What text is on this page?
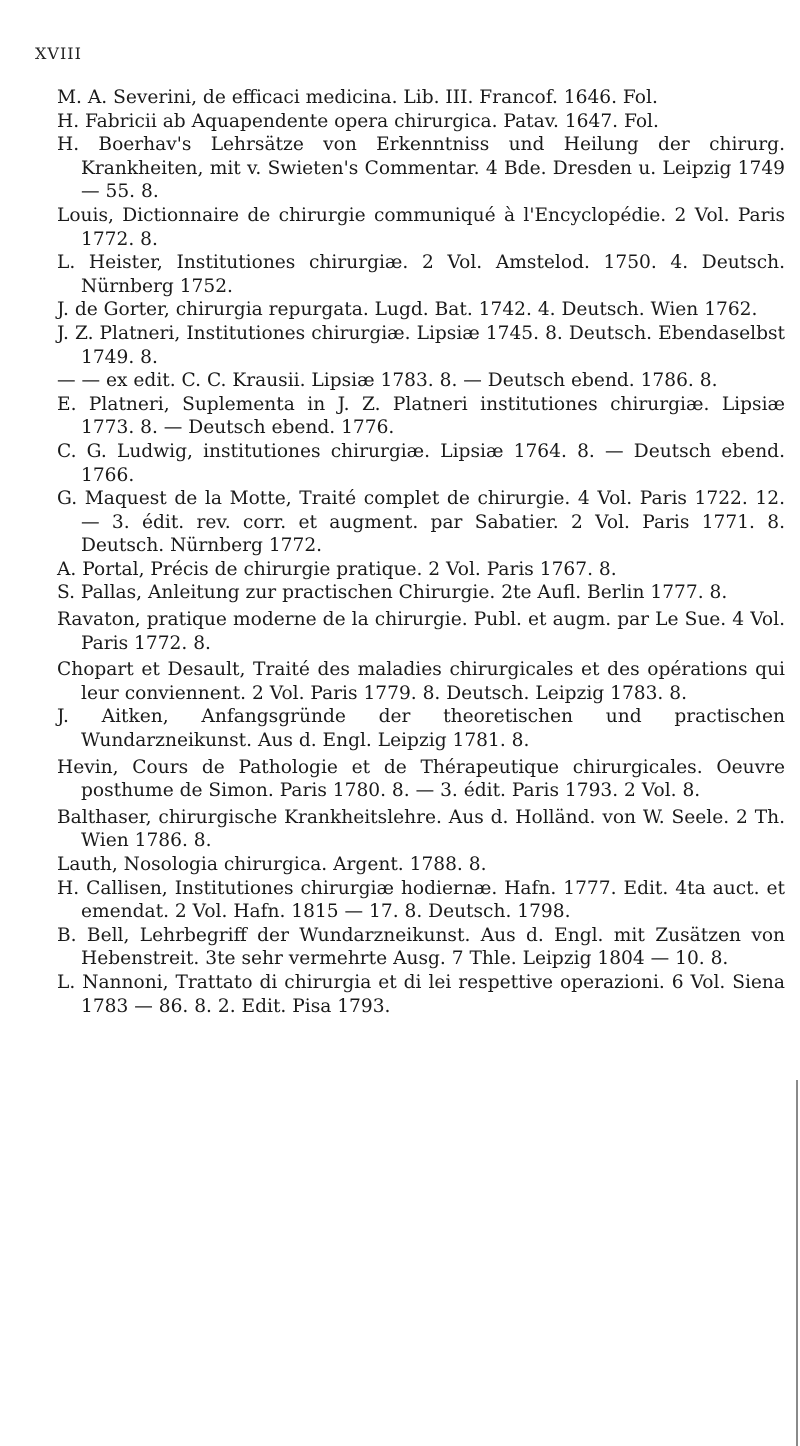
XVIII
M. A. Severini, de efficaci medicina. Lib. III. Francof. 1646. Fol.
H. Fabricii ab Aquapendente opera chirurgica. Patav. 1647. Fol.
H. Boerhav's Lehrsätze von Erkenntniss und Heilung der chirurg. Krankheiten, mit v. Swieten's Commentar. 4 Bde. Dresden u. Leipzig 1749 — 55. 8.
Louis, Dictionnaire de chirurgie communiqué à l'Encyclopédie. 2 Vol. Paris 1772. 8.
L. Heister, Institutiones chirurgiæ. 2 Vol. Amstelod. 1750. 4. Deutsch. Nürnberg 1752.
J. de Gorter, chirurgia repurgata. Lugd. Bat. 1742. 4. Deutsch. Wien 1762.
J. Z. Platneri, Institutiones chirurgiæ. Lipsiæ 1745. 8. Deutsch. Ebendaselbst 1749. 8.
— — ex edit. C. C. Krausii. Lipsiæ 1783. 8. — Deutsch ebend. 1786. 8.
E. Platneri, Suplementa in J. Z. Platneri institutiones chirurgiæ. Lipsiæ 1773. 8. — Deutsch ebend. 1776.
C. G. Ludwig, institutiones chirurgiæ. Lipsiæ 1764. 8. — Deutsch ebend. 1766.
G. Maquest de la Motte, Traité complet de chirurgie. 4 Vol. Paris 1722. 12. — 3. édit. rev. corr. et augment. par Sabatier. 2 Vol. Paris 1771. 8. Deutsch. Nürnberg 1772.
A. Portal, Précis de chirurgie pratique. 2 Vol. Paris 1767. 8.
S. Pallas, Anleitung zur practischen Chirurgie. 2te Aufl. Berlin 1777. 8.
Ravaton, pratique moderne de la chirurgie. Publ. et augm. par Le Sue. 4 Vol. Paris 1772. 8.
Chopart et Desault, Traité des maladies chirurgicales et des opérations qui leur conviennent. 2 Vol. Paris 1779. 8. Deutsch. Leipzig 1783. 8.
J. Aitken, Anfangsgründe der theoretischen und practischen Wundarzneikunst. Aus d. Engl. Leipzig 1781. 8.
Hevin, Cours de Pathologie et de Thérapeutique chirurgicales. Oeuvre posthume de Simon. Paris 1780. 8. — 3. édit. Paris 1793. 2 Vol. 8.
Balthaser, chirurgische Krankheitslehre. Aus d. Holländ. von W. Seele. 2 Th. Wien 1786. 8.
Lauth, Nosologia chirurgica. Argent. 1788. 8.
H. Callisen, Institutiones chirurgiæ hodiernæ. Hafn. 1777. Edit. 4ta auct. et emendat. 2 Vol. Hafn. 1815 — 17. 8. Deutsch. 1798.
B. Bell, Lehrbegriff der Wundarzneikunst. Aus d. Engl. mit Zusätzen von Hebenstreit. 3te sehr vermehrte Ausg. 7 Thle. Leipzig 1804 — 10. 8.
L. Nannoni, Trattato di chirurgia et di lei respettive operazioni. 6 Vol. Siena 1783 — 86. 8. 2. Edit. Pisa 1793.
